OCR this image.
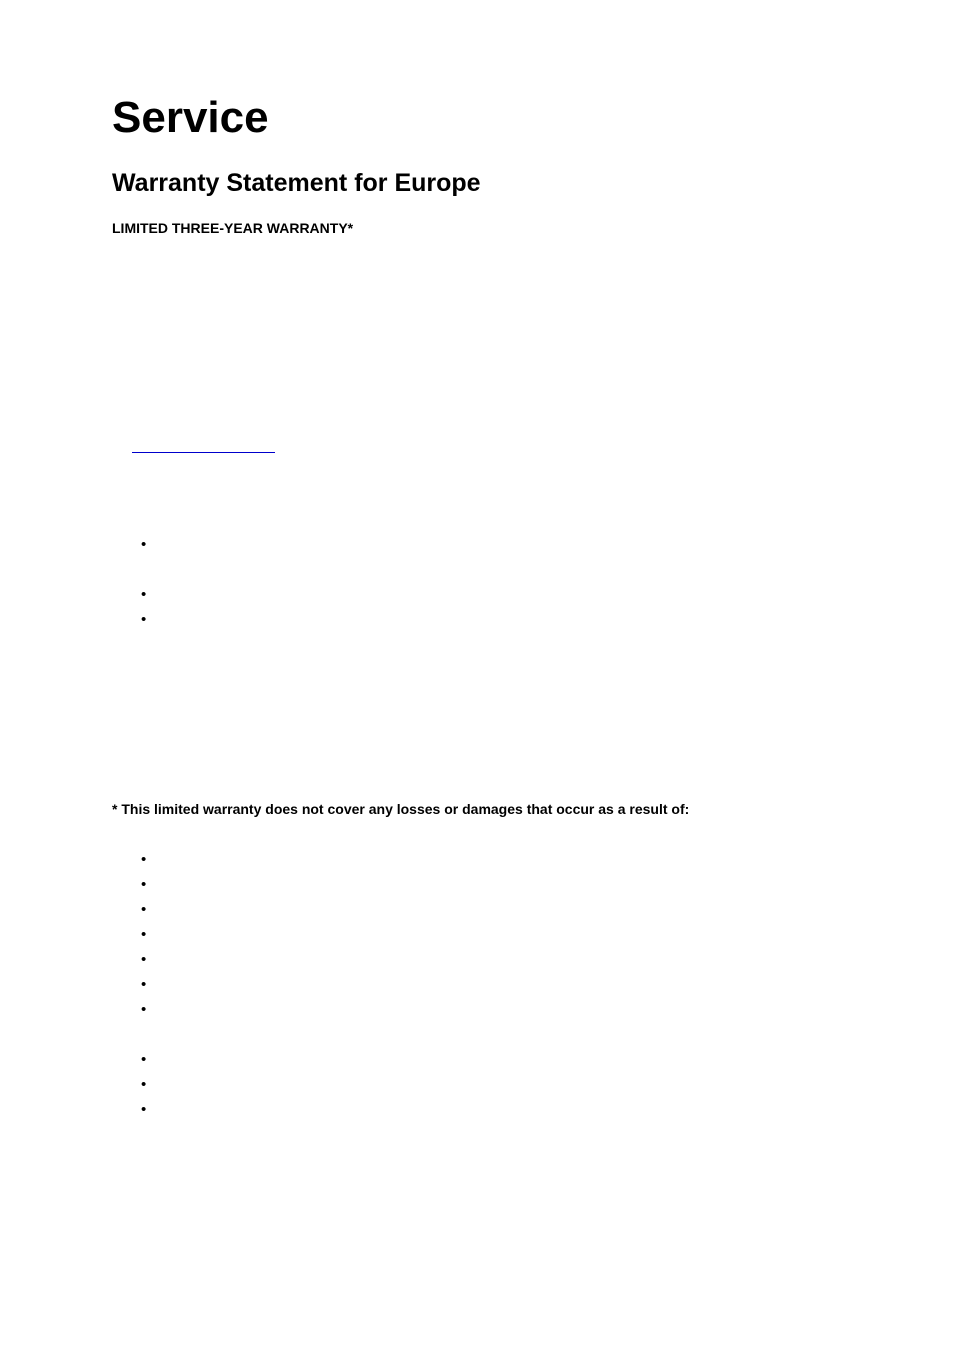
Service
Warranty Statement for Europe
LIMITED THREE-YEAR WARRANTY*
•
•
•

* This limited warranty does not cover any losses or damages that occur as a result of:

•
•
•
•
•
•
•
•
•
•
